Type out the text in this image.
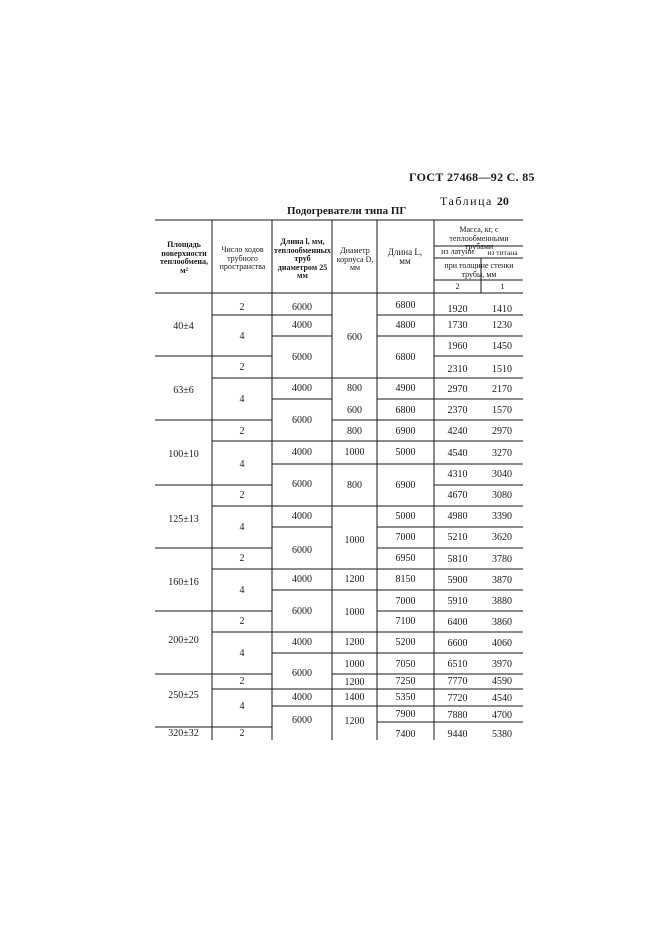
ГОСТ 27468—92 С. 85
Таблица 20
Подогреватели типа ПГ
Площадь поверхности теплообмена, м²
Число ходов трубного пространства
Длина l, мм, теплообменных труб диаметром 25 мм
Диаметр корпуса D, мм
Длина L, мм
Масса, кг, с теплообменными трубами
из латуни	из титана
при толщине стенки трубы, мм
2	1
40±4
63±6
100±10
125±13
160±16
200±20
250±25
320±32
2
4
2
4
2
4
2
4
2
4
2
4
2
4
2
6000
4000
6000
4000
6000
4000
6000
4000
6000
4000
6000
4000
6000
4000
6000
600
800
600
800
1000
800
1000
1200
1000
1200
1000
1200
1400
1200
6800
4800
6800
4900
6800
6900
5000
6900
5000
7000
6950
8150
7000
7100
5200
7050
7250
5350
7900
7400
1920
1730
1960
2310
2970
2370
4240
4540
4310
4670
4980
5210
5810
5900
5910
6400
6600
6510
7770
7720
7880
9440
1410
1230
1450
1510
2170
1570
2970
3270
3040
3080
3390
3620
3780
3870
3880
3860
4060
3970
4590
4540
4700
5380
